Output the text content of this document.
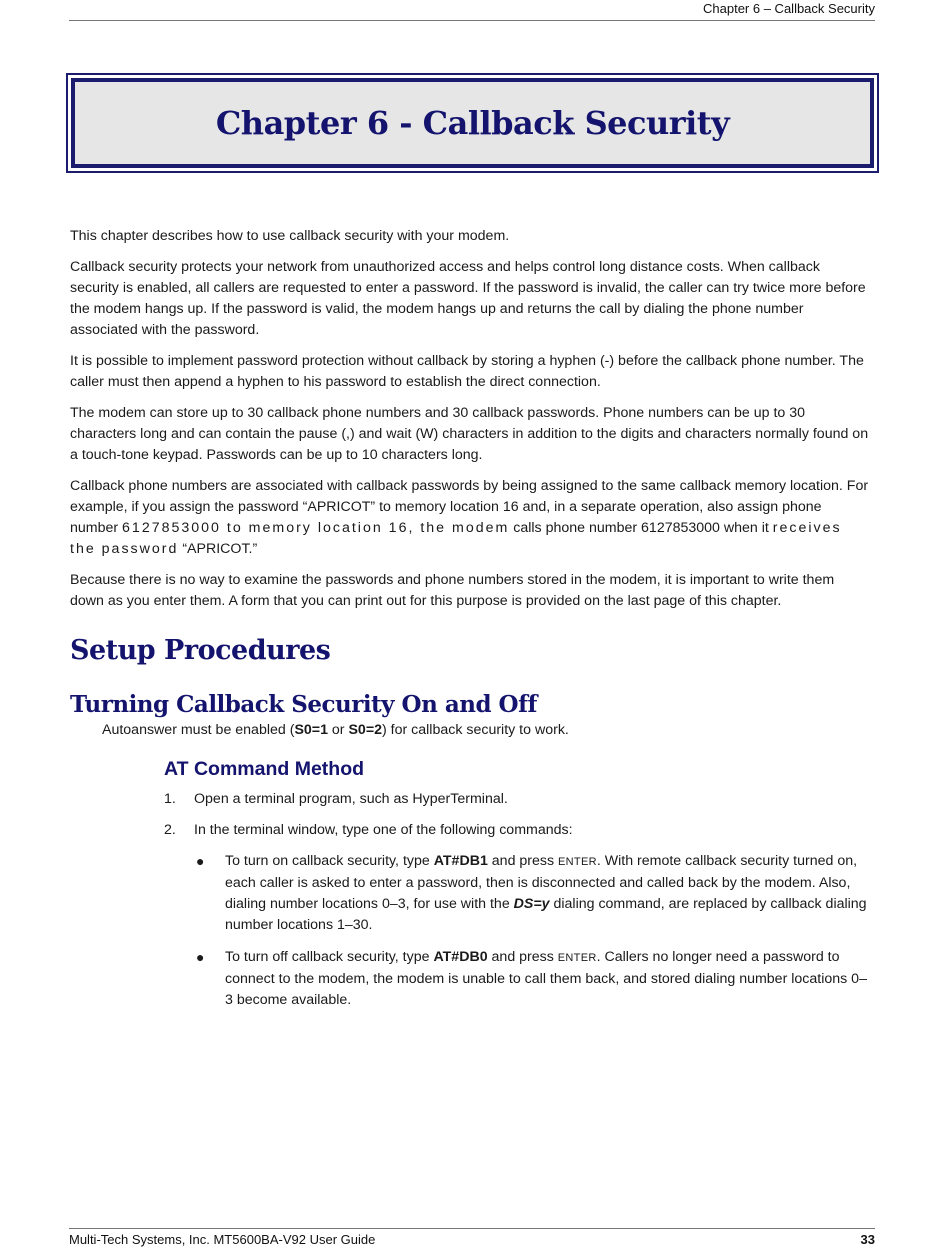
Chapter 6 – Callback Security
Chapter 6 - Callback Security

This chapter describes how to use callback security with your modem.

Callback security protects your network from unauthorized access and helps control long distance costs. When callback security is enabled, all callers are requested to enter a password. If the password is invalid, the caller can try twice more before the modem hangs up. If the password is valid, the modem hangs up and returns the call by dialing the phone number associated with the password.

It is possible to implement password protection without callback by storing a hyphen (-) before the callback phone number. The caller must then append a hyphen to his password to establish the direct connection.

The modem can store up to 30 callback phone numbers and 30 callback passwords. Phone numbers can be up to 30 characters long and can contain the pause (,) and wait (W) characters in addition to the digits and characters normally found on a touch-tone keypad. Passwords can be up to 10 characters long.

Callback phone numbers are associated with callback passwords by being assigned to the same callback memory location. For example, if you assign the password “APRICOT” to memory location 16 and, in a separate operation, also assign phone number 6127853000 to memory location 16, the modem calls phone number 6127853000 when it receives the password “APRICOT.”

Because there is no way to examine the passwords and phone numbers stored in the modem, it is important to write them down as you enter them. A form that you can print out for this purpose is provided on the last page of this chapter.

Setup Procedures
Turning Callback Security On and Off

Autoanswer must be enabled (S0=1 or S0=2) for callback security to work.

AT Command Method
1. Open a terminal program, such as HyperTerminal.
2. In the terminal window, type one of the following commands:
● To turn on callback security, type AT#DB1 and press ENTER. With remote callback security turned on, each caller is asked to enter a password, then is disconnected and called back by the modem. Also, dialing number locations 0–3, for use with the DS=y dialing command, are replaced by callback dialing number locations 1–30.
● To turn off callback security, type AT#DB0 and press ENTER. Callers no longer need a password to connect to the modem, the modem is unable to call them back, and stored dialing number locations 0–3 become available.
Multi-Tech Systems, Inc. MT5600BA-V92 User Guide	33
